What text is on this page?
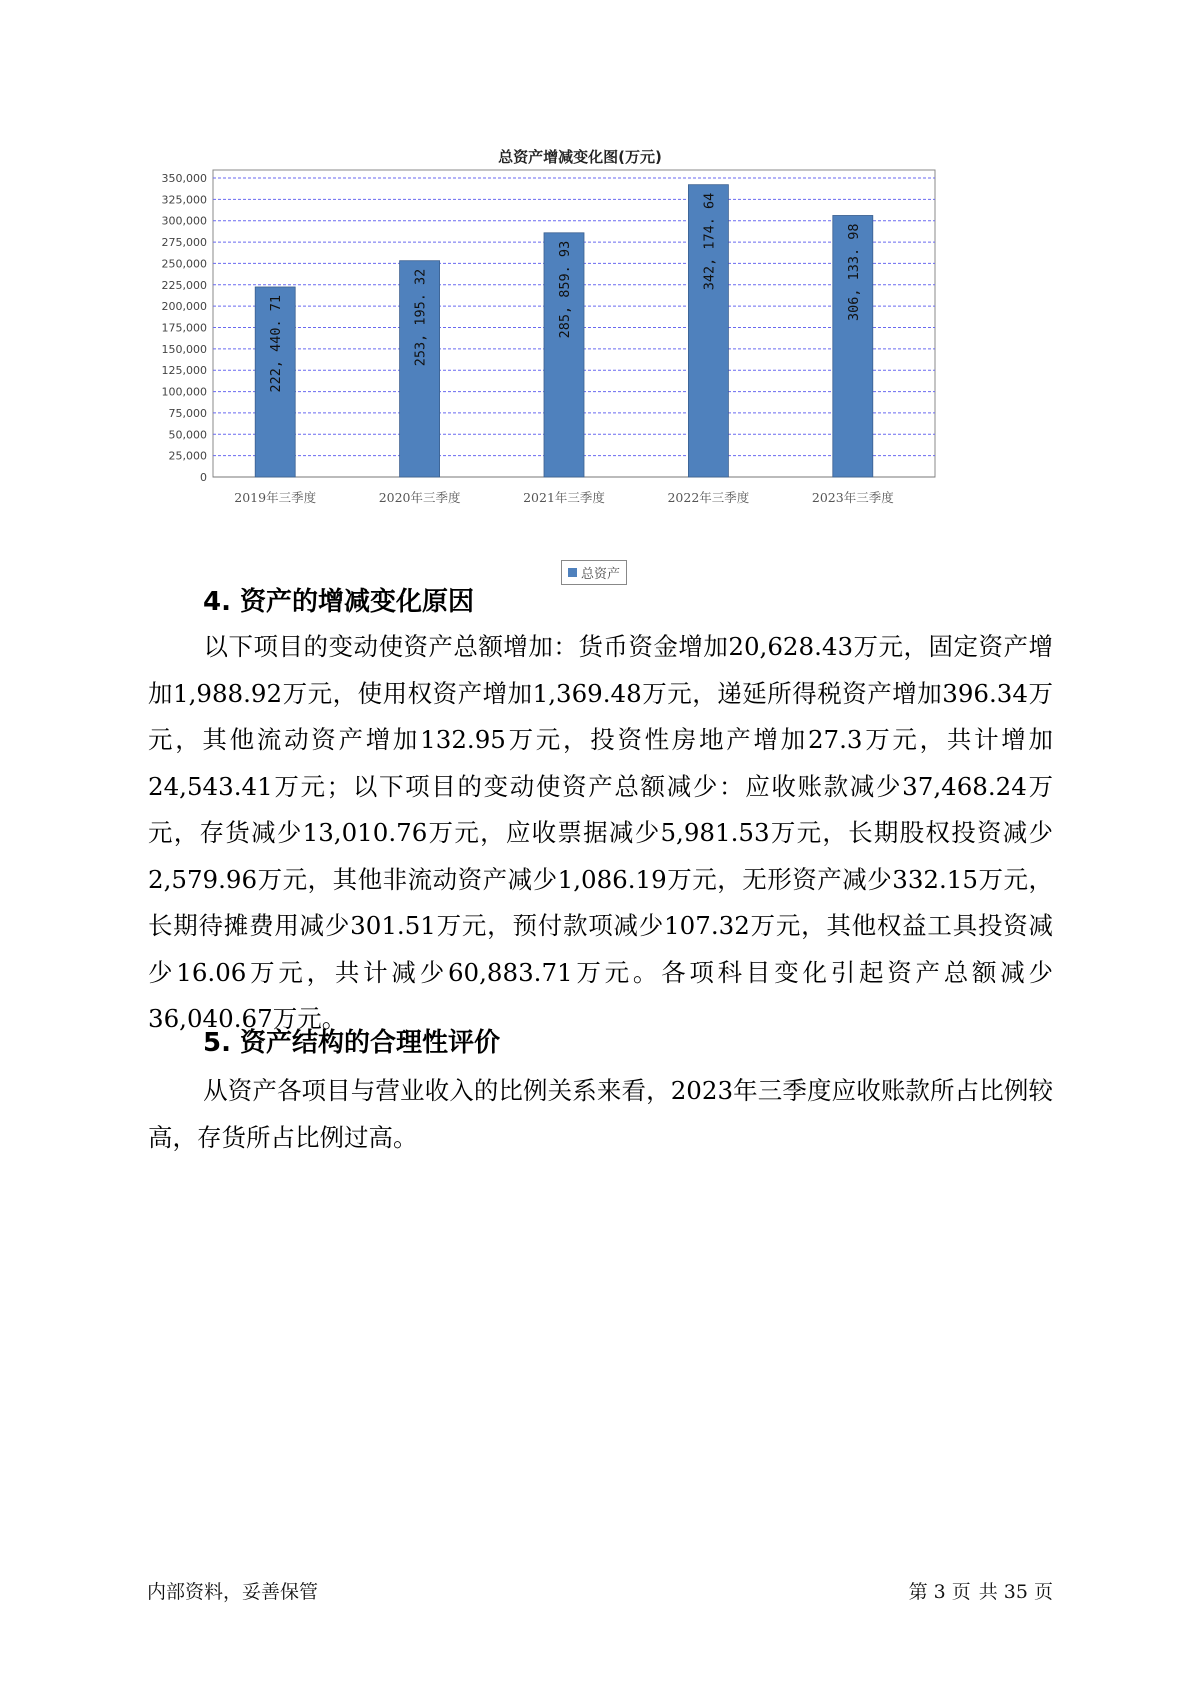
总资产增减变化图(万元)
0
25,000
50,000
75,000
100,000
125,000
150,000
175,000
200,000
225,000
250,000
275,000
300,000
325,000
350,000
222, 440. 71
2019年三季度
253, 195. 32
2020年三季度
285, 859. 93
2021年三季度
342, 174. 64
2022年三季度
306, 133. 98
2023年三季度
总资产
4. 资产的增减变化原因
以下项目的变动使资产总额增加：货币资金增加20,628.43万元，固定资产增加1,988.92万元，使用权资产增加1,369.48万元，递延所得税资产增加396.34万元，其他流动资产增加132.95万元，投资性房地产增加27.3万元，共计增加24,543.41万元；以下项目的变动使资产总额减少：应收账款减少37,468.24万元，存货减少13,010.76万元，应收票据减少5,981.53万元，长期股权投资减少2,579.96万元，其他非流动资产减少1,086.19万元，无形资产减少332.15万元，长期待摊费用减少301.51万元，预付款项减少107.32万元，其他权益工具投资减少16.06万元，共计减少60,883.71万元。各项科目变化引起资产总额减少36,040.67万元。
5. 资产结构的合理性评价
从资产各项目与营业收入的比例关系来看，2023年三季度应收账款所占比例较高，存货所占比例过高。
内部资料，妥善保管	第 3 页 共 35 页
